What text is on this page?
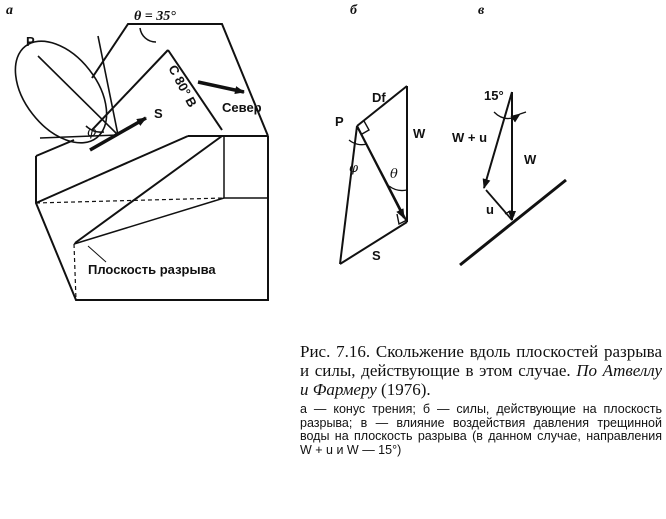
а	θ = 35°
P
φ
S
С 80° В Север
Плоскость разрыва
б
Df
P
W
φ θ
S
в
15°
W + u
W
u
Рис. 7.16. Скольжение вдоль плоскостей разрыва и силы, действующие в этом случае. По Атвеллу и Фармеру (1976).
а — конус трения; б — силы, действующие на плоскость разрыва; в — влияние воздействия давления трещинной воды на плоскость разрыва (в данном случае, направления W + u и W — 15°)
